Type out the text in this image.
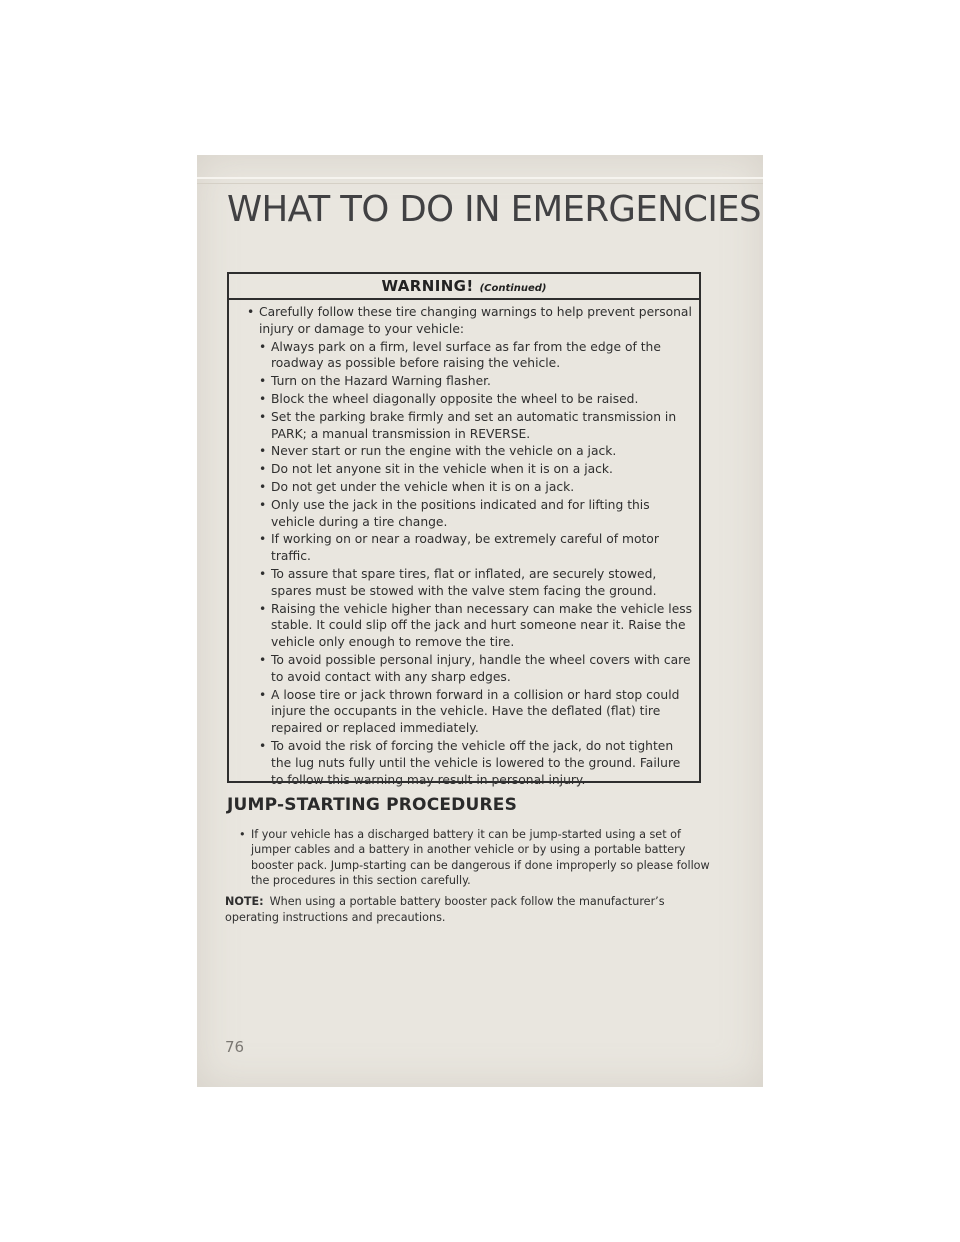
WHAT TO DO IN EMERGENCIES
WARNING! (Continued)
• Carefully follow these tire changing warnings to help prevent personal injury or damage to your vehicle:
• Always park on a firm, level surface as far from the edge of the roadway as possible before raising the vehicle.
• Turn on the Hazard Warning flasher.
• Block the wheel diagonally opposite the wheel to be raised.
• Set the parking brake firmly and set an automatic transmission in PARK; a manual transmission in REVERSE.
• Never start or run the engine with the vehicle on a jack.
• Do not let anyone sit in the vehicle when it is on a jack.
• Do not get under the vehicle when it is on a jack.
• Only use the jack in the positions indicated and for lifting this vehicle during a tire change.
• If working on or near a roadway, be extremely careful of motor traffic.
• To assure that spare tires, flat or inflated, are securely stowed, spares must be stowed with the valve stem facing the ground.
• Raising the vehicle higher than necessary can make the vehicle less stable. It could slip off the jack and hurt someone near it. Raise the vehicle only enough to remove the tire.
• To avoid possible personal injury, handle the wheel covers with care to avoid contact with any sharp edges.
• A loose tire or jack thrown forward in a collision or hard stop could injure the occupants in the vehicle. Have the deflated (flat) tire repaired or replaced immediately.
• To avoid the risk of forcing the vehicle off the jack, do not tighten the lug nuts fully until the vehicle is lowered to the ground. Failure to follow this warning may result in personal injury.
JUMP-STARTING PROCEDURES
• If your vehicle has a discharged battery it can be jump-started using a set of jumper cables and a battery in another vehicle or by using a portable battery booster pack. Jump-starting can be dangerous if done improperly so please follow the procedures in this section carefully.
NOTE: When using a portable battery booster pack follow the manufacturer’s operating instructions and precautions.
76
